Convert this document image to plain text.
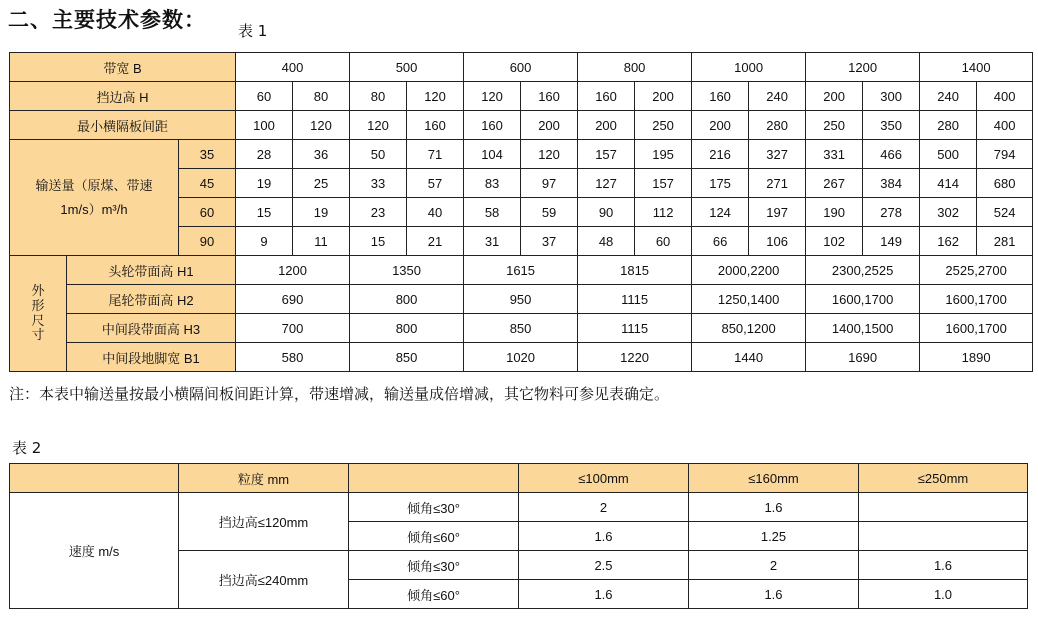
二、主要技术参数： 表 1
带宽 B			400		500		600		800		1000		1200		1400	
挡边高 H			60	80	80	120	120	160	160	200	160	240	200	300	240	400
最小横隔板间距			100	120	120	160	160	200	200	250	200	280	250	350	280	400

输送量（原煤、带速
1m/s）m³/h		35	28	36	50	71	104	120	157	195	216	327	331	466	500	794
		45	19	25	33	57	83	97	127	157	175	271	267	384	414	680
		60	15	19	23	40	58	59	90	112	124	197	190	278	302	524
		90	9	11	15	21	31	37	48	60	66	106	102	149	162	281

外
形
尺
寸	头轮带面高 H1		1200		1350		1615		1815		2000,2200		2300,2525		2525,2700	
	尾轮带面高 H2		690		800		950		1115		1250,1400		1600,1700		1600,1700	
	中间段带面高 H3		700		800		850		1115		850,1200		1400,1500		1600,1700	
	中间段地脚宽 B1		580		850		1020		1220		1440		1690		1890	
注：本表中输送量按最小横隔间板间距计算，带速增减，输送量成倍增减，其它物料可参见表确定。
表 2
	粒度 mm		≤100mm	≤160mm	≤250mm
速度 m/s	挡边高≤120mm	倾角≤30°	2	1.6	
		倾角≤60°	1.6	1.25	
	挡边高≤240mm	倾角≤30°	2.5	2	1.6
		倾角≤60°	1.6	1.6	1.0
